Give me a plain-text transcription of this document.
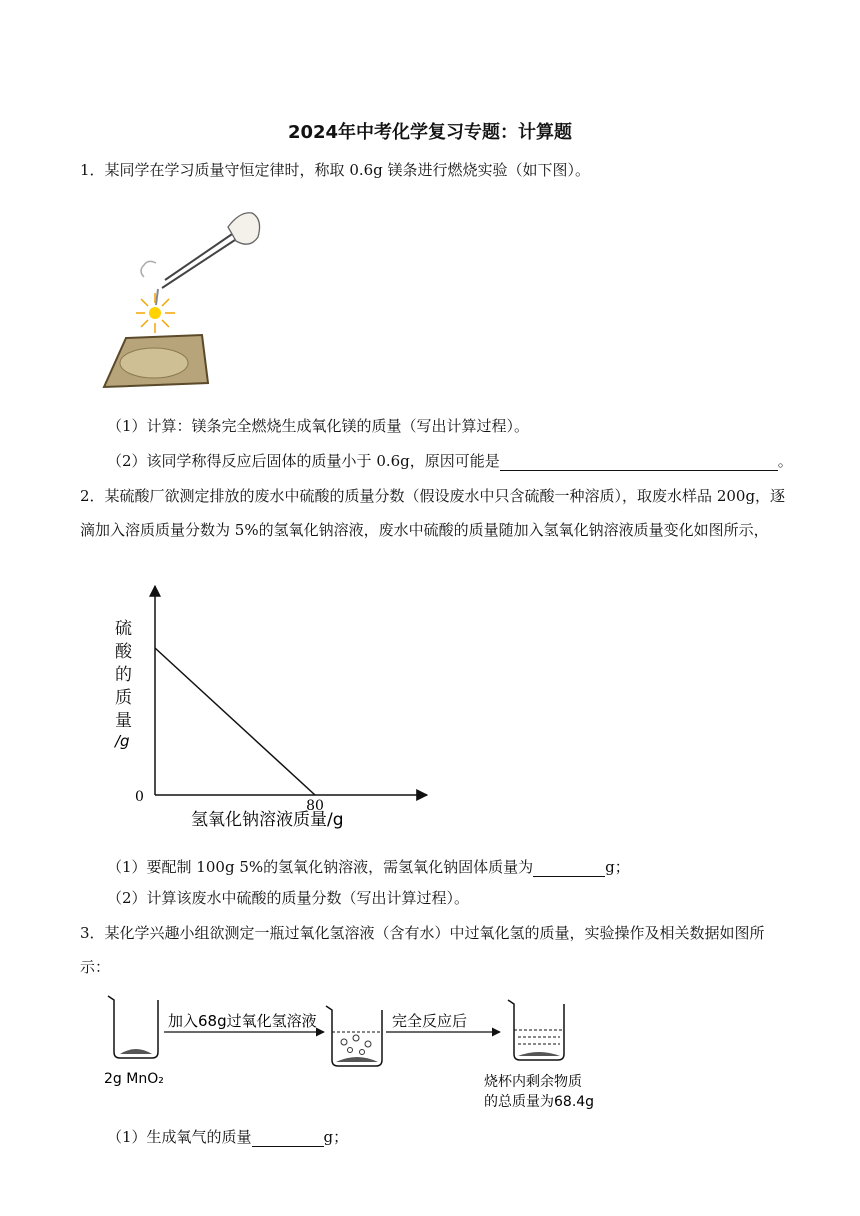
2024年中考化学复习专题：计算题
1．某同学在学习质量守恒定律时，称取 0.6g 镁条进行燃烧实验（如下图）。
（1）计算：镁条完全燃烧生成氧化镁的质量（写出计算过程）。
（2）该同学称得反应后固体的质量小于 0.6g，原因可能是	。
2．某硫酸厂欲测定排放的废水中硫酸的质量分数（假设废水中只含硫酸一种溶质），取废水样品 200g，逐
滴加入溶质质量分数为 5%的氢氧化钠溶液，废水中硫酸的质量随加入氢氧化钠溶液质量变化如图所示，
硫
酸
的
质
量
/g
0
80
氢氧化钠溶液质量/g
（1）要配制 100g 5%的氢氧化钠溶液，需氢氧化钠固体质量为	g；
（2）计算该废水中硫酸的质量分数（写出计算过程）。
3．某化学兴趣小组欲测定一瓶过氧化氢溶液（含有水）中过氧化氢的质量，实验操作及相关数据如图所
示：
2g MnO₂
加入68g过氧化氢溶液	完全反应后
烧杯内剩余物质
的总质量为68.4g
（1）生成氧气的质量	g；
